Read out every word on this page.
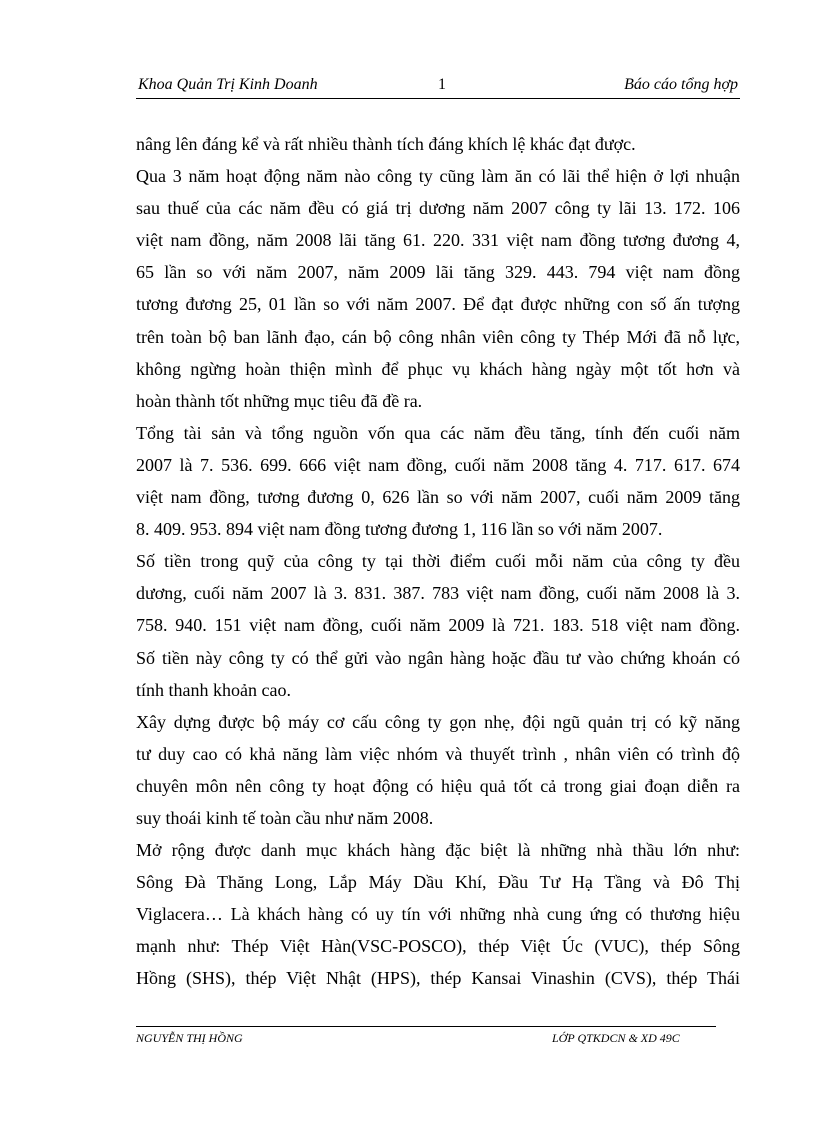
Khoa Quản Trị Kinh Doanh	1	Báo cáo tổng hợp
nâng lên đáng kể và rất nhiều thành tích đáng khích lệ khác đạt được.
Qua 3 năm hoạt động năm nào công ty cũng làm ăn có lãi thể hiện ở lợi nhuận
sau thuế của các năm đều có giá trị dương năm 2007 công ty lãi 13. 172. 106
việt nam đồng, năm 2008 lãi tăng 61. 220. 331 việt nam đồng tương đương 4,
65 lần so với năm 2007, năm 2009 lãi tăng 329. 443. 794 việt nam đồng
tương đương 25, 01 lần so với năm 2007. Để đạt được những con số ấn tượng
trên toàn bộ ban lãnh đạo, cán bộ công nhân viên công ty Thép Mới đã nỗ lực,
không ngừng hoàn thiện mình để phục vụ khách hàng ngày một tốt hơn và
hoàn thành tốt những mục tiêu đã đề ra.
Tổng tài sản và tổng nguồn vốn qua các năm đều tăng, tính đến cuối năm
2007 là 7. 536. 699. 666 việt nam đồng, cuối năm 2008 tăng 4. 717. 617. 674
việt nam đồng, tương đương 0, 626 lần so với năm 2007, cuối năm 2009 tăng
8. 409. 953. 894 việt nam đồng tương đương 1, 116 lần so với năm 2007.
Số tiền trong quỹ của công ty tại thời điểm cuối mỗi năm của công ty đều
dương, cuối năm 2007 là 3. 831. 387. 783 việt nam đồng, cuối năm 2008 là 3.
758. 940. 151 việt nam đồng, cuối năm 2009 là 721. 183. 518 việt nam đồng.
Số tiền này công ty có thể gửi vào ngân hàng hoặc đầu tư vào chứng khoán có
tính thanh khoản cao.
Xây dựng được bộ máy cơ cấu công ty gọn nhẹ, đội ngũ quản trị có kỹ năng
tư duy cao có khả năng làm việc nhóm và thuyết trình , nhân viên có trình độ
chuyên môn nên công ty hoạt động có hiệu quả tốt cả trong giai đoạn diễn ra
suy thoái kinh tế toàn cầu như năm 2008.
Mở rộng được danh mục khách hàng đặc biệt là những nhà thầu lớn như:
Sông Đà Thăng Long, Lắp Máy Dầu Khí, Đầu Tư Hạ Tầng và Đô Thị
Viglacera… Là khách hàng có uy tín với những nhà cung ứng có thương hiệu
mạnh như: Thép Việt Hàn(VSC-POSCO), thép Việt Úc (VUC), thép Sông
Hồng (SHS), thép Việt Nhật (HPS), thép Kansai Vinashin (CVS), thép Thái
NGUYỄN THỊ HỒNG	LỚP QTKDCN & XD 49C
